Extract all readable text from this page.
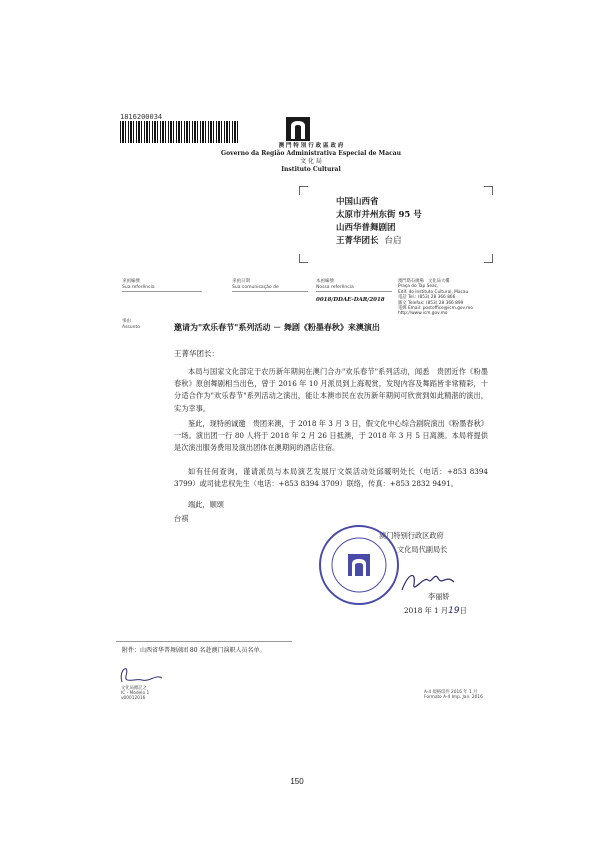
1816200034
澳 門 特 別 行 政 區 政 府
Governo da Região Administrativa Especial de Macau
文 化 局
Instituto Cultural
中国山西省
太原市并州东街 95 号
山西华普舞剧团
王菁华团长 台启
來函編號
Sua referência
來函日期
Sua comunicação de
本函編號
Nossa referência
0018/DDAE-DAR/2018
澳門塔石廣場　文化局大樓
Praça do Tap Seac,
Edif. do Instituto Cultural, Macau
電話 Tel.: (853) 28 366 866
圖文 Telefax: (853) 28 366 899
電郵 Email: postoffice@icm.gov.mo
http://www.icm.gov.mo
事由
Assunto	邀请为"欢乐春节"系列活动 － 舞剧《粉墨春秋》来澳演出
王菁华团长：
本局与国家文化部定于农历新年期间在澳门合办"欢乐春节"系列活动，闻悉　贵团近作《粉墨春秋》原创舞剧相当出色，曾于 2016 年 10 月派员到上海观赏，发现内容及舞蹈皆非常精彩，十分适合作为"欢乐春节"系列活动之演出，能让本澳市民在农历新年期间可欣赏到如此精湛的演出，实为幸事。
鉴此，现特函诚邀　贵团来澳，于 2018 年 3 月 3 日，假文化中心综合剧院演出《粉墨春秋》一场。演出团一行 80 人将于 2018 年 2 月 26 日抵澳，于 2018 年 3 月 5 日离澳。本局将提供是次演出服务费用及演出团体在澳期间的酒店住宿。
如有任何查询，谨请派员与本局演艺发展厅文娱活动处邱暖明处长（电话：+853 8394 3799）或司徒忠权先生（电话：+853 8394 3709）联络，传真：+853 2832 9491。
端此，顺颂
台祺
澳门特别行政区政府
文化局代副局长
李丽娇
2018 年 1 月19日
附件：山西省华普舞剧团 80 名赴澳门演职人员名单。
文化局總記之
IC - Modelo 1
v00012016
A-4 規格印件 2016 年 1 月
Formato A-4 Imp. Jan. 2016
150
